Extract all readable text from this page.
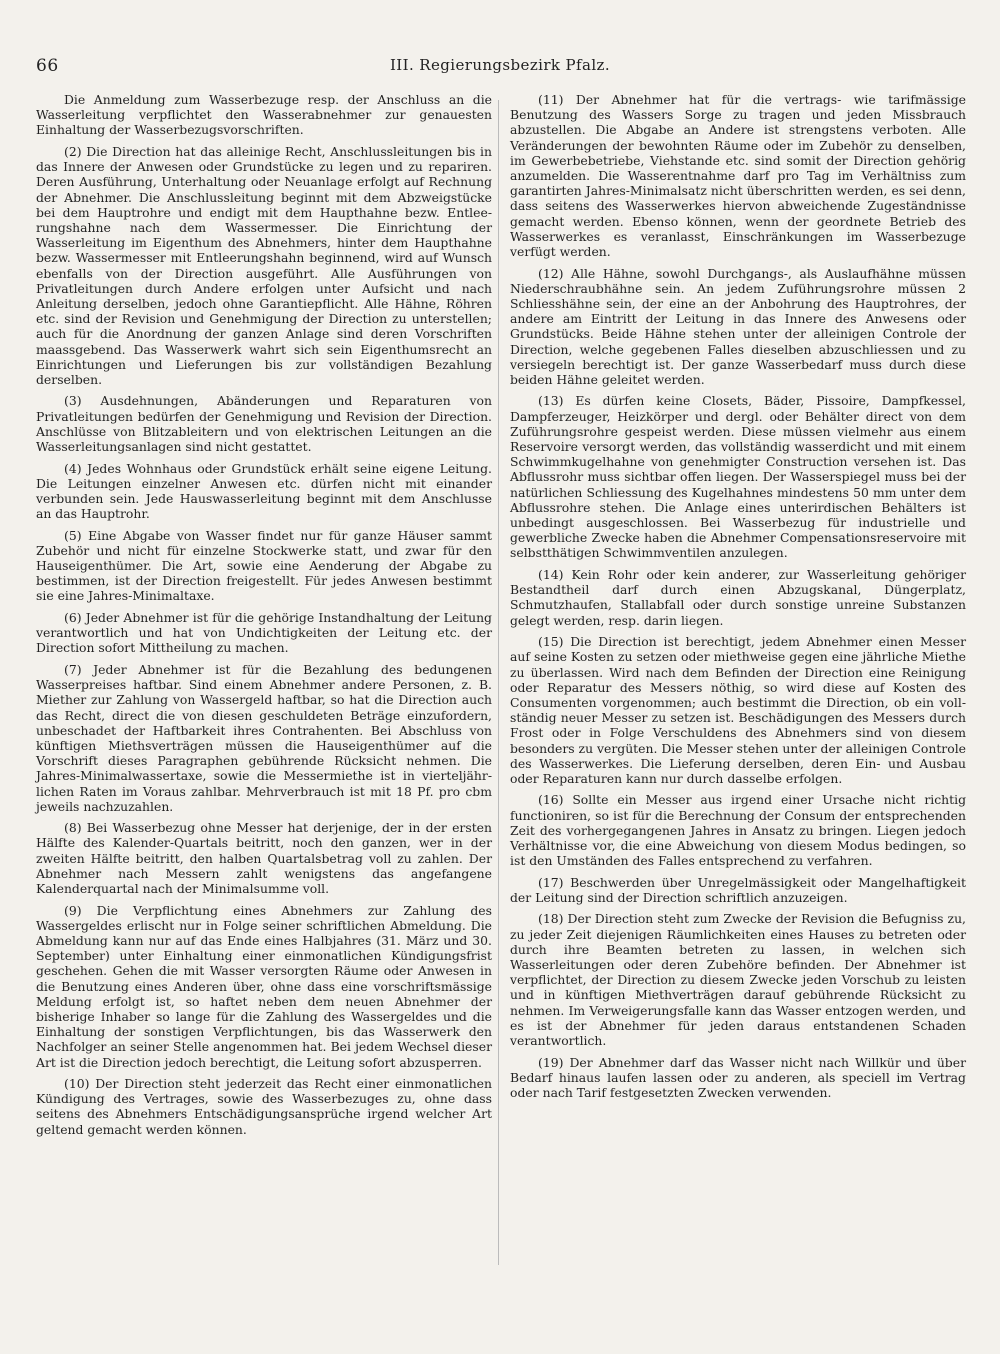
66	III. Regierungsbezirk Pfalz.

Die Anmeldung zum Wasserbezuge resp. der Anschluss an die Wasserleitung verpflichtet den Wasserabnehmer zur genauesten Einhaltung der Wasserbezugsvorschriften.

(2) Die Direction hat das alleinige Recht, Anschlussleitungen bis in das Innere der Anwesen oder Grundstücke zu legen und zu repariren. Deren Ausführung, Unterhaltung oder Neuanlage erfolgt auf Rechnung der Abnehmer. Die Anschlussleitung beginnt mit dem Abzweigstücke bei dem Hauptrohre und endigt mit dem Haupthahne bezw. Entleerungshahne nach dem Wassermesser. Die Einrichtung der Wasserleitung im Eigenthum des Abnehmers, hinter dem Haupthahne bezw. Wassermesser mit Entleerungshahn beginnend, wird auf Wunsch ebenfalls von der Direction ausgeführt. Alle Ausführungen von Privatleitungen durch Andere erfolgen unter Aufsicht und nach Anleitung derselben, jedoch ohne Garantiepflicht. Alle Hähne, Röhren etc. sind der Revision und Genehmigung der Direction zu unterstellen; auch für die Anordnung der ganzen Anlage sind deren Vorschriften maassgebend. Das Wasserwerk wahrt sich sein Eigenthumsrecht an Einrichtungen und Lieferungen bis zur vollständigen Bezahlung derselben.

(3) Ausdehnungen, Abänderungen und Reparaturen von Privatleitungen bedürfen der Genehmigung und Revision der Direction. Anschlüsse von Blitzableitern und von elektrischen Leitungen an die Wasserleitungsanlagen sind nicht gestattet.

(4) Jedes Wohnhaus oder Grundstück erhält seine eigene Leitung. Die Leitungen einzelner Anwesen etc. dürfen nicht mit einander verbunden sein. Jede Hauswasserleitung beginnt mit dem Anschlusse an das Hauptrohr.

(5) Eine Abgabe von Wasser findet nur für ganze Häuser sammt Zubehör und nicht für einzelne Stockwerke statt, und zwar für den Hauseigenthümer. Die Art, sowie eine Aenderung der Abgabe zu bestimmen, ist der Direction freigestellt. Für jedes Anwesen bestimmt sie eine Jahres-Minimaltaxe.

(6) Jeder Abnehmer ist für die gehörige Instandhaltung der Leitung verantwortlich und hat von Undichtigkeiten der Leitung etc. der Direction sofort Mittheilung zu machen.

(7) Jeder Abnehmer ist für die Bezahlung des bedungenen Wasserpreises haftbar. Sind einem Abnehmer andere Personen, z. B. Miether zur Zahlung von Wassergeld haftbar, so hat die Direction auch das Recht, direct die von diesen geschuldeten Beträge einzufordern, unbeschadet der Haftbarkeit ihres Contrahenten. Bei Abschluss von künftigen Miethsverträgen müssen die Hauseigenthümer auf die Vorschrift dieses Paragraphen gebührende Rücksicht nehmen. Die Jahres-Minimalwassertaxe, sowie die Messermiethe ist in vierteljährlichen Raten im Voraus zahlbar. Mehrverbrauch ist mit 18 Pf. pro cbm jeweils nachzuzahlen.

(8) Bei Wasserbezug ohne Messer hat derjenige, der in der ersten Hälfte des Kalender-Quartals beitritt, noch den ganzen, wer in der zweiten Hälfte beitritt, den halben Quartalsbetrag voll zu zahlen. Der Abnehmer nach Messern zahlt wenigstens das angefangene Kalenderquartal nach der Minimalsumme voll.

(9) Die Verpflichtung eines Abnehmers zur Zahlung des Wassergeldes erlischt nur in Folge seiner schriftlichen Abmeldung. Die Abmeldung kann nur auf das Ende eines Halbjahres (31. März und 30. September) unter Einhaltung einer einmonatlichen Kündigungsfrist geschehen. Gehen die mit Wasser versorgten Räume oder Anwesen in die Benutzung eines Anderen über, ohne dass eine vorschriftsmässige Meldung erfolgt ist, so haftet neben dem neuen Abnehmer der bisherige Inhaber so lange für die Zahlung des Wassergeldes und die Einhaltung der sonstigen Verpflichtungen, bis das Wasserwerk den Nachfolger an seiner Stelle angenommen hat. Bei jedem Wechsel dieser Art ist die Direction jedoch berechtigt, die Leitung sofort abzusperren.

(10) Der Direction steht jederzeit das Recht einer einmonatlichen Kündigung des Vertrages, sowie des Wasserbezuges zu, ohne dass seitens des Abnehmers Entschädigungsansprüche irgend welcher Art geltend gemacht werden können.

(11) Der Abnehmer hat für die vertrags- wie tarifmässige Benutzung des Wassers Sorge zu tragen und jeden Missbrauch abzustellen. Die Abgabe an Andere ist strengstens verboten. Alle Veränderungen der bewohnten Räume oder im Zubehör zu denselben, im Gewerbebetriebe, Viehstande etc. sind somit der Direction gehörig anzumelden. Die Wasserentnahme darf pro Tag im Verhältniss zum garantirten Jahres-Minimalsatz nicht überschritten werden, es sei denn, dass seitens des Wasserwerkes hiervon abweichende Zugeständnisse gemacht werden. Ebenso können, wenn der geordnete Betrieb des Wasserwerkes es veranlasst, Einschränkungen im Wasserbezuge verfügt werden.

(12) Alle Hähne, sowohl Durchgangs-, als Auslaufhähne müssen Niederschraubhähne sein. An jedem Zuführungsrohre müssen 2 Schliesshähne sein, der eine an der Anbohrung des Hauptrohres, der andere am Eintritt der Leitung in das Innere des Anwesens oder Grundstücks. Beide Hähne stehen unter der alleinigen Controle der Direction, welche gegebenen Falles dieselben abzuschliessen und zu versiegeln berechtigt ist. Der ganze Wasserbedarf muss durch diese beiden Hähne geleitet werden.

(13) Es dürfen keine Closets, Bäder, Pissoire, Dampfkessel, Dampferzeuger, Heizkörper und dergl. oder Behälter direct von dem Zuführungsrohre gespeist werden. Diese müssen vielmehr aus einem Reservoire versorgt werden, das vollständig wasserdicht und mit einem Schwimmkugelhahne von genehmigter Construction versehen ist. Das Abflussrohr muss sichtbar offen liegen. Der Wasserspiegel muss bei der natürlichen Schliessung des Kugelhahnes mindestens 50 mm unter dem Abflussrohre stehen. Die Anlage eines unterirdischen Behälters ist unbedingt ausgeschlossen. Bei Wasserbezug für industrielle und gewerbliche Zwecke haben die Abnehmer Compensationsreservoire mit selbstthätigen Schwimmventilen anzulegen.

(14) Kein Rohr oder kein anderer, zur Wasserleitung gehöriger Bestandtheil darf durch einen Abzugskanal, Düngerplatz, Schmutzhaufen, Stallabfall oder durch sonstige unreine Substanzen gelegt werden, resp. darin liegen.

(15) Die Direction ist berechtigt, jedem Abnehmer einen Messer auf seine Kosten zu setzen oder miethweise gegen eine jährliche Miethe zu überlassen. Wird nach dem Befinden der Direction eine Reinigung oder Reparatur des Messers nöthig, so wird diese auf Kosten des Consumenten vorgenommen; auch bestimmt die Direction, ob ein vollständig neuer Messer zu setzen ist. Beschädigungen des Messers durch Frost oder in Folge Verschuldens des Abnehmers sind von diesem besonders zu vergüten. Die Messer stehen unter der alleinigen Controle des Wasserwerkes. Die Lieferung derselben, deren Ein- und Ausbau oder Reparaturen kann nur durch dasselbe erfolgen.

(16) Sollte ein Messer aus irgend einer Ursache nicht richtig functioniren, so ist für die Berechnung der Consum der entsprechenden Zeit des vorhergegangenen Jahres in Ansatz zu bringen. Liegen jedoch Verhältnisse vor, die eine Abweichung von diesem Modus bedingen, so ist den Umständen des Falles entsprechend zu verfahren.

(17) Beschwerden über Unregelmässigkeit oder Mangelhaftigkeit der Leitung sind der Direction schriftlich anzuzeigen.

(18) Der Direction steht zum Zwecke der Revision die Befugniss zu, zu jeder Zeit diejenigen Räumlichkeiten eines Hauses zu betreten oder durch ihre Beamten betreten zu lassen, in welchen sich Wasserleitungen oder deren Zubehöre befinden. Der Abnehmer ist verpflichtet, der Direction zu diesem Zwecke jeden Vorschub zu leisten und in künftigen Miethverträgen darauf gebührende Rücksicht zu nehmen. Im Verweigerungsfalle kann das Wasser entzogen werden, und es ist der Abnehmer für jeden daraus entstandenen Schaden verantwortlich.

(19) Der Abnehmer darf das Wasser nicht nach Willkür und über Bedarf hinaus laufen lassen oder zu anderen, als speciell im Vertrag oder nach Tarif festgesetzten Zwecken verwenden.
